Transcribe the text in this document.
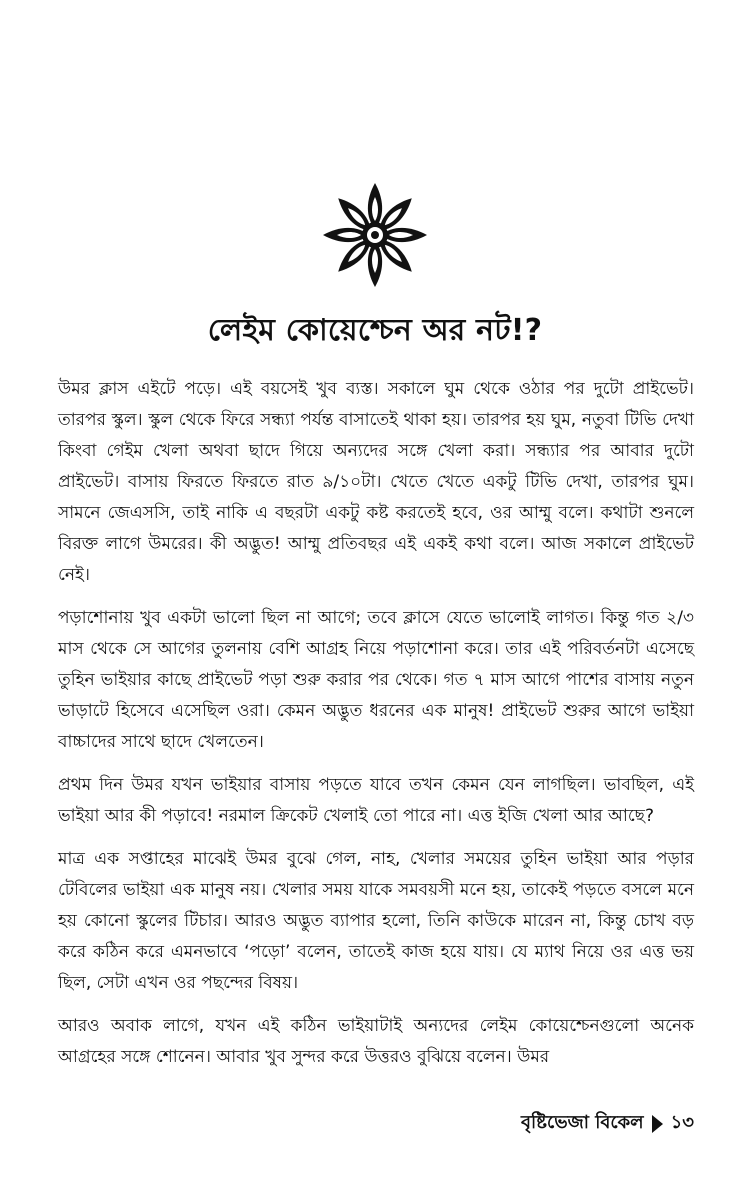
লেইম কোয়েশ্চেন অর নট!?

উমর ক্লাস এইটে পড়ে। এই বয়সেই খুব ব্যস্ত। সকালে ঘুম থেকে ওঠার পর দুটো প্রাইভেট। তারপর স্কুল। স্কুল থেকে ফিরে সন্ধ্যা পর্যন্ত বাসাতেই থাকা হয়। তারপর হয় ঘুম, নতুবা টিভি দেখা কিংবা গেইম খেলা অথবা ছাদে গিয়ে অন্যদের সঙ্গে খেলা করা। সন্ধ্যার পর আবার দুটো প্রাইভেট। বাসায় ফিরতে ফিরতে রাত ৯/১০টা। খেতে খেতে একটু টিভি দেখা, তারপর ঘুম। সামনে জেএসসি, তাই নাকি এ বছরটা একটু কষ্ট করতেই হবে, ওর আম্মু বলে। কথাটা শুনলে বিরক্ত লাগে উমরের। কী অদ্ভুত! আম্মু প্রতিবছর এই একই কথা বলে। আজ সকালে প্রাইভেট নেই।

পড়াশোনায় খুব একটা ভালো ছিল না আগে; তবে ক্লাসে যেতে ভালোই লাগত। কিন্তু গত ২/৩ মাস থেকে সে আগের তুলনায় বেশি আগ্রহ নিয়ে পড়াশোনা করে। তার এই পরিবর্তনটা এসেছে তুহিন ভাইয়ার কাছে প্রাইভেট পড়া শুরু করার পর থেকে। গত ৭ মাস আগে পাশের বাসায় নতুন ভাড়াটে হিসেবে এসেছিল ওরা। কেমন অদ্ভুত ধরনের এক মানুষ! প্রাইভেট শুরুর আগে ভাইয়া বাচ্চাদের সাথে ছাদে খেলতেন।

প্রথম দিন উমর যখন ভাইয়ার বাসায় পড়তে যাবে তখন কেমন যেন লাগছিল। ভাবছিল, এই ভাইয়া আর কী পড়াবে! নরমাল ক্রিকেট খেলাই তো পারে না। এত্ত ইজি খেলা আর আছে?

মাত্র এক সপ্তাহের মাঝেই উমর বুঝে গেল, নাহ, খেলার সময়ের তুহিন ভাইয়া আর পড়ার টেবিলের ভাইয়া এক মানুষ নয়। খেলার সময় যাকে সমবয়সী মনে হয়, তাকেই পড়তে বসলে মনে হয় কোনো স্কুলের টিচার। আরও অদ্ভুত ব্যাপার হলো, তিনি কাউকে মারেন না, কিন্তু চোখ বড় করে কঠিন করে এমনভাবে ‘পড়ো’ বলেন, তাতেই কাজ হয়ে যায়। যে ম্যাথ নিয়ে ওর এত্ত ভয় ছিল, সেটা এখন ওর পছন্দের বিষয়।

আরও অবাক লাগে, যখন এই কঠিন ভাইয়াটাই অন্যদের লেইম কোয়েশ্চেনগুলো অনেক আগ্রহের সঙ্গে শোনেন। আবার খুব সুন্দর করে উত্তরও বুঝিয়ে বলেন। উমর

বৃষ্টিভেজা বিকেল ১৩
